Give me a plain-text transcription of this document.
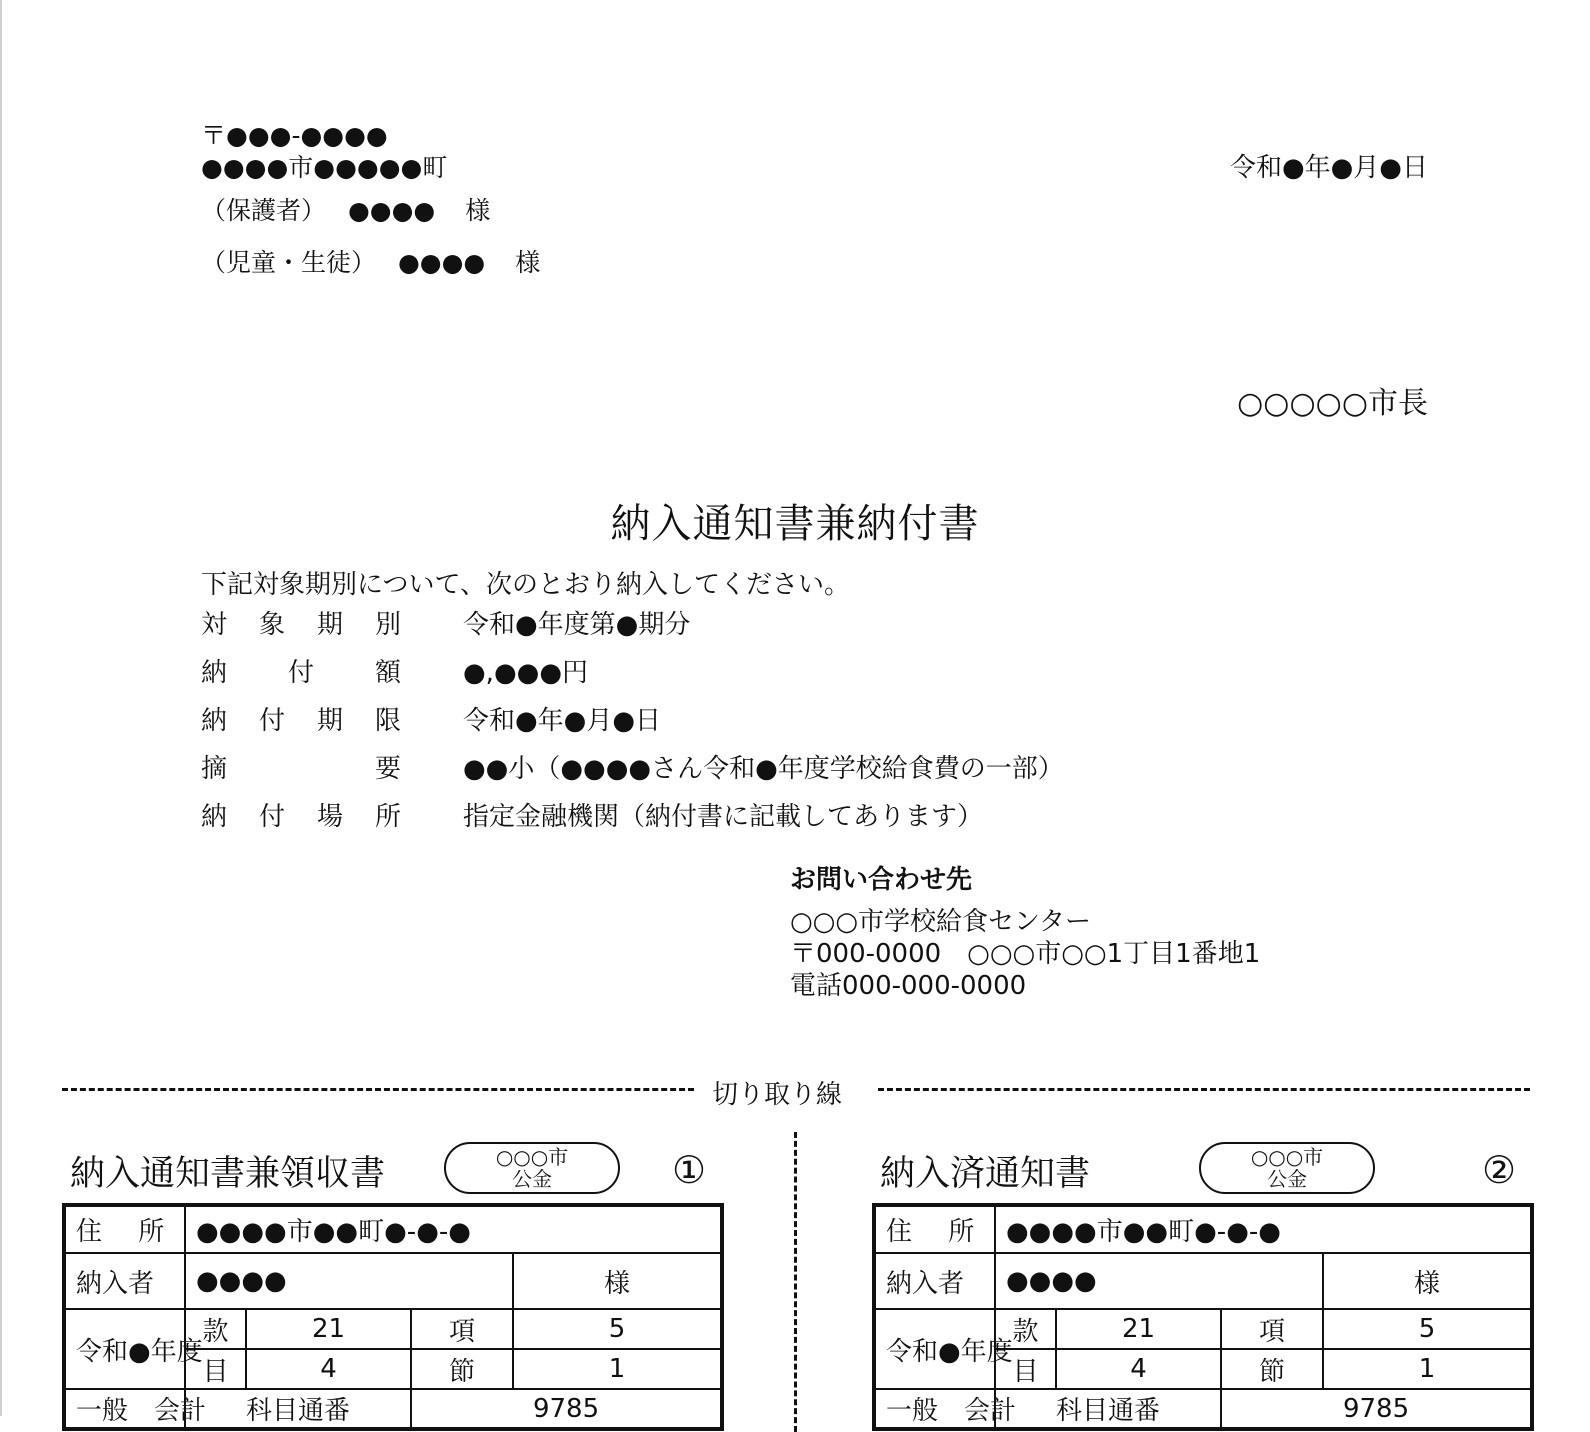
〒●●●-●●●●
●●●●市●●●●●町
（保護者） ●●●● 様
（児童・生徒） ●●●● 様
令和●年●月●日
○○○○○市長
納入通知書兼納付書
下記対象期別について、次のとおり納入してください。
対 象 期 別 令和●年度第●期分
納 付 額 ●,●●●円
納 付 期 限 令和●年●月●日
摘	要 ●●小（●●●●さん令和●年度学校給食費の一部）
納 付 場 所 指定金融機関（納付書に記載してあります）
お問い合わせ先
○○○市学校給食センター
〒000-0000　○○○市○○1丁目1番地1
電話000-000-0000
切り取り線
納入通知書兼領収書	○○○市
公金	①
住 所	●●●●市●●町●-●-●			
納入者	●●●●			様
令和●年度	款	21	項	5
	目	4	節	1
一般　会計	科目通番		9785	
納入済通知書	○○○市
公金	②
住 所	●●●●市●●町●-●-●			
納入者	●●●●			様
令和●年度	款	21	項	5
	目	4	節	1
一般　会計	科目通番		9785	
